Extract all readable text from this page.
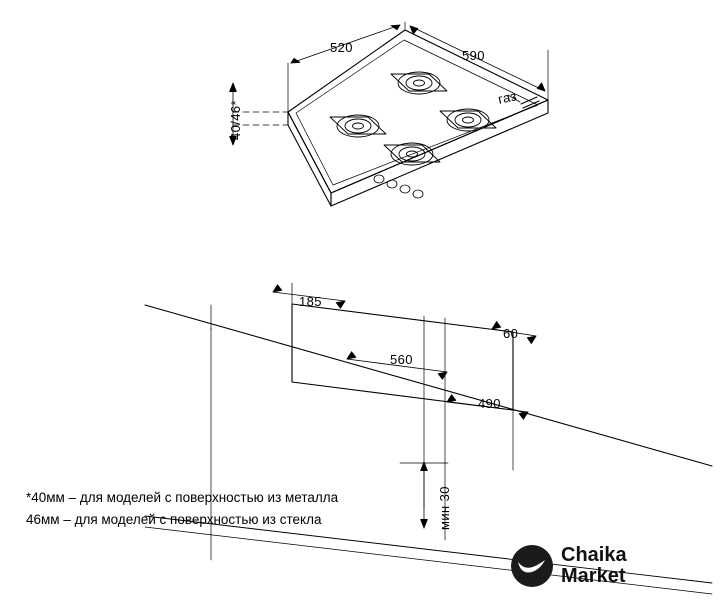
520
590
40/46*
газ
185
60
560
490
мин 30
*40мм – для моделей с поверхностью из металла
46мм – для моделей с поверхностью из стекла
Chaika
Market
